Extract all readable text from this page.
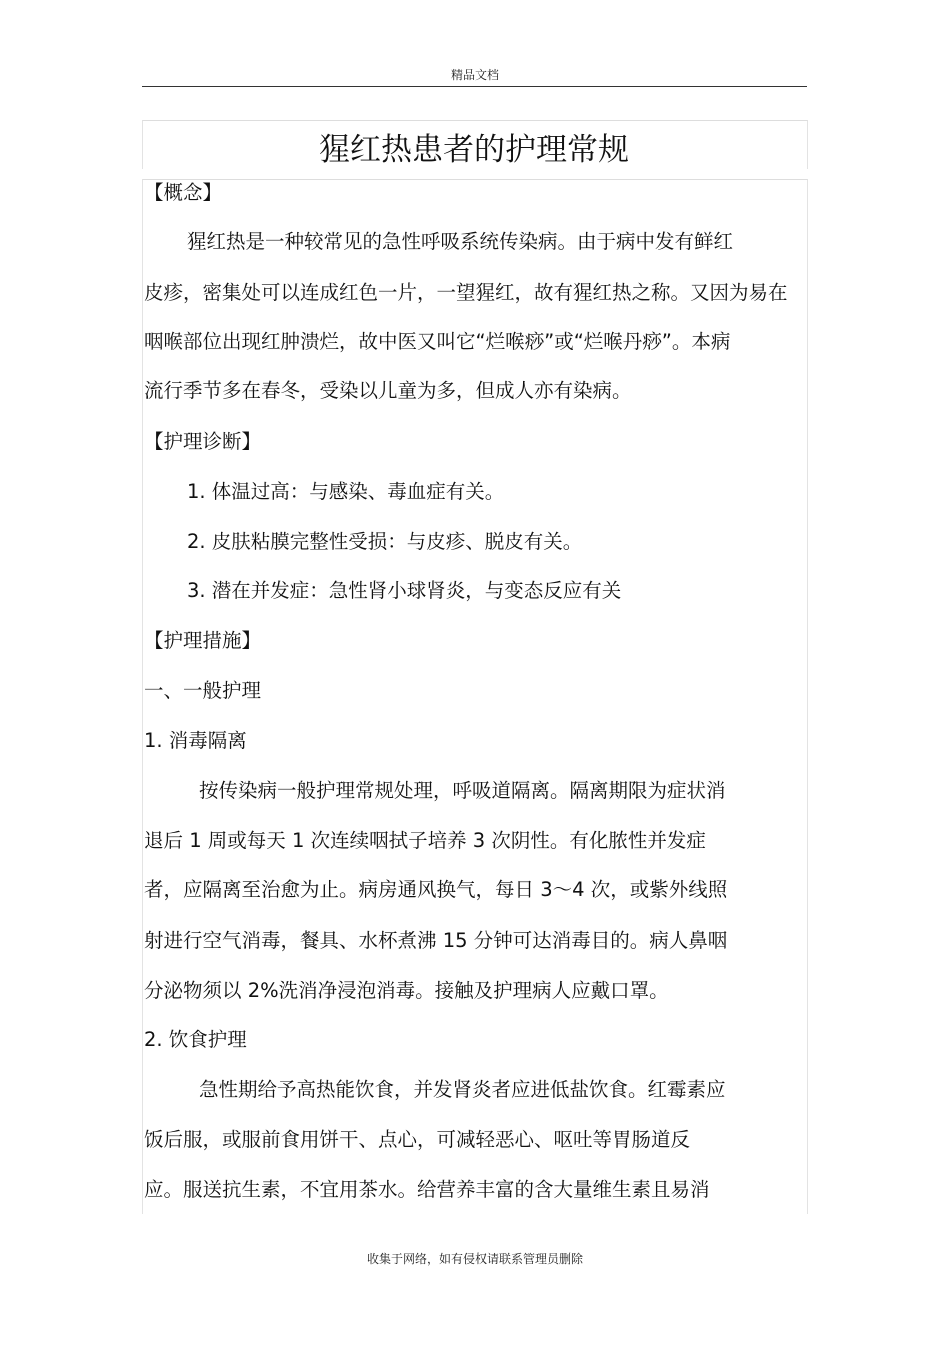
精品文档
猩红热患者的护理常规
【概念】
猩红热是一种较常见的急性呼吸系统传染病。由于病中发有鲜红
皮疹，密集处可以连成红色一片，一望猩红，故有猩红热之称。又因为易在
咽喉部位出现红肿溃烂，故中医又叫它“烂喉痧”或“烂喉丹痧”。本病
流行季节多在春冬，受染以儿童为多，但成人亦有染病。
【护理诊断】
1. 体温过高：与感染、毒血症有关。
2. 皮肤粘膜完整性受损：与皮疹、脱皮有关。
3. 潜在并发症：急性肾小球肾炎，与变态反应有关
【护理措施】
一、一般护理
1. 消毒隔离
按传染病一般护理常规处理，呼吸道隔离。隔离期限为症状消
退后 1 周或每天 1 次连续咽拭子培养 3 次阴性。有化脓性并发症
者，应隔离至治愈为止。病房通风换气，每日 3～4 次，或紫外线照
射进行空气消毒，餐具、水杯煮沸 15 分钟可达消毒目的。病人鼻咽
分泌物须以 2%洗消净浸泡消毒。接触及护理病人应戴口罩。
2. 饮食护理
急性期给予高热能饮食，并发肾炎者应进低盐饮食。红霉素应
饭后服，或服前食用饼干、点心，可减轻恶心、呕吐等胃肠道反
应。服送抗生素，不宜用茶水。给营养丰富的含大量维生素且易消
收集于网络，如有侵权请联系管理员删除
